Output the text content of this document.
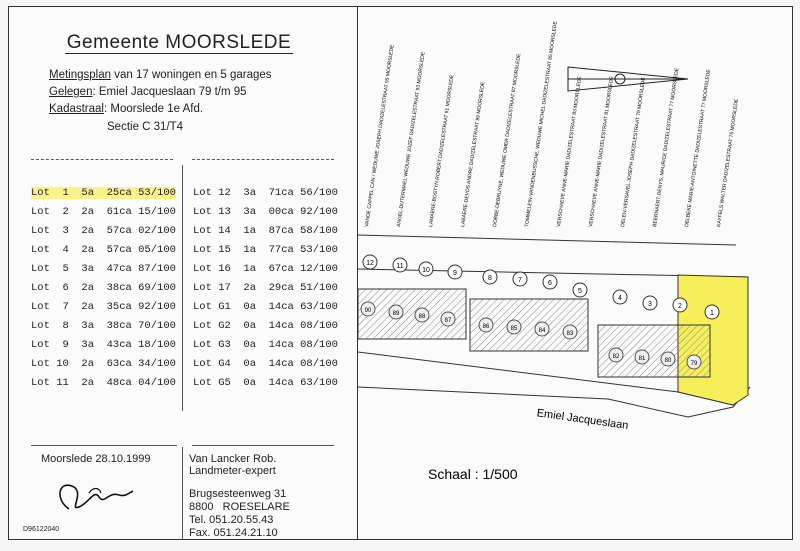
Gemeente MOORSLEDE
Metingsplan van 17 woningen en 5 garages
Gelegen: Emiel Jacqueslaan 79 t/m 95
Kadastraal: Moorslede 1e Afd.
Sectie C 31/T4
Lot  1  5a  25ca 53/100
Lot  2  2a  61ca 15/100
Lot  3  2a  57ca 02/100
Lot  4  2a  57ca 05/100
Lot  5  3a  47ca 87/100
Lot  6  2a  38ca 69/100
Lot  7  2a  35ca 92/100
Lot  8  3a  38ca 70/100
Lot  9  3a  43ca 18/100
Lot 10  2a  63ca 34/100
Lot 11  2a  48ca 04/100
Lot 12  3a  71ca 56/100
Lot 13  3a  00ca 92/100
Lot 14  1a  87ca 58/100
Lot 15  1a  77ca 53/100
Lot 16  1a  67ca 12/100
Lot 17  2a  29ca 51/100
Lot G1  0a  14ca 63/100
Lot G2  0a  14ca 08/100
Lot G3  0a  14ca 08/100
Lot G4  0a  14ca 08/100
Lot G5  0a  14ca 63/100
Moorslede 28.10.1999	Van Lancker Rob.
Landmeter-expert
Brugsesteenweg 31
8800   ROESELARE
Tel. 051.20.55.43
Fax. 051.24.21.10
D96122040
VANDE CAPPEL CAN / WEDUWE JOSEPH DADIZELESTRAAT 95 MOORSLEDE ANGEL-DUTERMAEL WEDUWE JOZEF DADIZELESTRAAT 93 MOORSLEDE LAMAERE-BOSTYN ROBERT DADIZELESTRAAT 91 MOORSLEDE LABAERE-DEVOS ANDRE DADIZELESTRAAT 89 MOORSLEDE DOBBE-DEBRUYNE, WEDUWE OMER DADIZELESTRAAT 87 MOORSLEDE TOMMELEIN-VANDENBUSSCHE, WEDUWE MICHEL DADIZELESTRAAT 85 MOORSLEDE
VERSCHAEVE ANNE-MARIE DADIZELESTRAAT 83 MOORSLEDE VERSCHAEVE ANNE-MARIE DADIZELESTRAAT 81 MOORSLEDE DELEN-VERSAVEL JOSEPH DADIZELESTRAAT 79 MOORSLEDE BEERNAERT-DENYS, MAURICE DADIZELESTRAAT 77 MOORSLEDE DELBEKE MARIE-ANTOINETTE DADIZELESTRAAT 77 MOORSLEDE KAYFELS WALTER DADIZELESTRAAT 75 MOORSLEDE
12	11
10	9
8	7	6
5
4
3	2
1
90	89	88
87
86	85	84	83
82	81	80	79
Emiel Jacqueslaan
Schaal : 1/500
